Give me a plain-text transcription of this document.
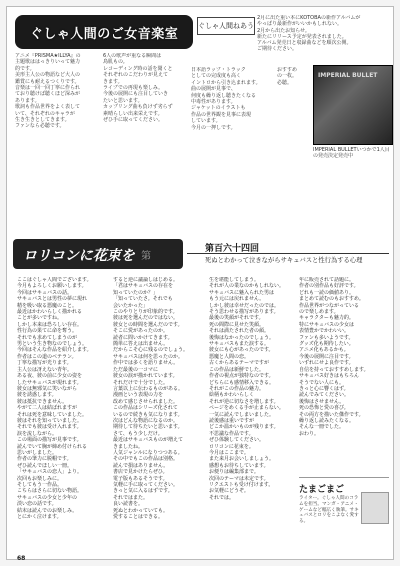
ぐしゃ人間のご女音楽室
ぐしゃ人間ねあう
2月に出た重い本にKOTOBAの新作アルバムが
やっぱり最新作がいいかもしれない。
2月から出たお知らせ。
新たにリリース予定が発表されました。
アルバム発売日と収録曲などを順次公開。
ご期待ください。
アニメ『PRISMA★ILLYA』の
主題歌ははっきりいって魅力
的です。
美形主人公の物語など大人の
鑑賞にも耐えるつくりです。
音楽は一回一回丁寧に作られ
ており聴けば聴くほど深みが
あります。
歌詞も作品世界をよく表して
いて、それぞれのキャラが
生き生きとしてきます。
ファンなら必聴です。
6人の歌声が重なる瞬間は
鳥肌もの。
レコーディング時の話を聞くと
それぞれのこだわりが見えて
きます。
ライブでの再現も楽しみ。
今後の展開にも注目していき
たいと思います。
カップリング曲も負けず劣らず
素晴らしい出来栄えです。
ぜひ手に取ってください。
日本語ラップ・トラック
としての完成度も高く
イントロから引き込まれます。
曲の展開が見事で、
何度も繰り返し聴きたくなる
中毒性があります。
ジャケットのイラストも
作品の世界観を見事に表現
しています。
今月の一押しです。
おすすめ
の一枚。
必聴。
IMPERIAL BULLET
IMPERIAL BULLETいつかで1人目の発売決定発売中
ロリコンに花束を 第
第百六十四回
死ぬとわかって泣きながらサキュバスと性行為する心理
ここはぐしゃ人間でございます。
今月もよろしくお願いします。
今回はサキュバスの話。
サキュバスとは男性の夢に現れ
精を吸い取る悪魔のこと。
最近はかわいらしく描かれる
ことが多いですね。
しかし本来は恐ろしい存在。
性行為の果てに命を奪う。
それでも求めてしまうのが
男という生き物なのでしょう。
今回はそんな作品を紹介します。
作者はこの道のベテラン。
丁寧な描写が光ります。
主人公は冴えない青年。
ある夜、彼の前に少女の姿を
したサキュバスが現れます。
彼女は無邪気に笑いながら
彼を誘惑します。
彼は抵抗できません。
やがて二人は結ばれますが
それは死を意味していました。
彼はそれを知っていました。
それでも彼は受け入れます。
涙を流しながら。
この場面の描写が見事です。
読んでいて胸が締め付けられる
思いがしました。
作者の筆力に脱帽です。
ぜひ読んでほしい一冊。
「サキュバスの恋人」より。
次回もお楽しみに。
そしてもう一作品。
こちらはさらに切ない物語。
サキュバスの少女と少年の
淡い恋の話です。
結末は読んでのお楽しみ。
とにかく泣けます。
すると逆に議論しはじめる。
「君はサキュバスの存在を
知っていたのか？」
「知っていたさ。それでも
会いたかった」
このやりとりが印象的です。
彼は死を選んだのではない。
彼女との時間を選んだのです。
そこに愛があったのか。
読者に問いかけてきます。
簡単に答えは出ません。
だからこそ心に残るのでしょう。
サキュバスは何を思ったのか。
作中では多くを語りません。
ただ最後の一コマに
彼女の涙が描かれています。
それだけで十分でした。
言葉以上に伝わるものがある。
漫画という表現の力を
改めて感じさせられました。
この作品はシリーズ化されて
いるので続きも気になります。
次はどんな物語になるのか。
期待して待ちたいと思います。
さて、もう少しだけ。
最近はサキュバスものが増えて
きましたね。
人気ジャンルになりつつある。
その中でもこの作品は別格。
読んで損はありません。
書店で見かけたらぜひ。
電子版もあるそうです。
気軽に手に取ってください。
きっと気に入るはずです。
それではまた。
良い読書を。
死ぬとわかっていても。
愛することはできる。
生を堪能してしまう。
それが人の業なのかもしれない。
サキュバスに魅入られた男は
もう元には戻れません。
しかし彼は幸せだったのでは。
そう思わせる描写があります。
最後の笑顔がそれです。
死の間際に見せた笑顔。
それは満たされた者の顔。
後悔はなかったのでしょう。
サキュバスもまた涙する。
彼女にも心があったのです。
悪魔と人間の恋。
古くからあるテーマですが
この作品は新鮮でした。
作者の視点が独特なのです。
どちらにも感情移入できる。
それがこの作品の魅力。
絵柄もかわいらしく
それが逆に切なさを増します。
ページをめくる手が止まらない。
一気に読んでしまいました。
読後感は重いですが
どこか温かいものが残ります。
不思議な作品です。
ぜひ体験してください。
ロリコンに花束を。
今月はここまで。
また来月お会いしましょう。
感想もお待ちしています。
お便りは編集部まで。
次回のテーマは未定です。
リクエストも受け付けます。
お気軽にどうぞ。
それでは。
年に販売されて話題に。
作者の別作品も好評です。
どれも一読の価値あり。
まとめて読むのもおすすめ。
作品世界がつながっている
ので楽しめます。
キャラクターも魅力的。
特にサキュバスの少女は
表情豊かでかわいい。
ファンも多いようです。
グッズ化も期待したい。
アニメ化もあるかも。
今後の展開に注目です。
いずれにせよ良作です。
自信を持っておすすめします。
サキュバス好きはもちろん
そうでない人にも。
きっと心に響くはず。
読んでみてください。
後悔はさせません。
死の恐怖と愛の喜び。
その両方を描いた傑作です。
繰り返し読みたくなる。
そんな一冊でした。
おわり。
たまごまご
ライター。ぐしゃ人間のコラムを担当。マンガ・アニメ・ゲームなど幅広く執筆。サキュバスとロリをこよなく愛する。
68
